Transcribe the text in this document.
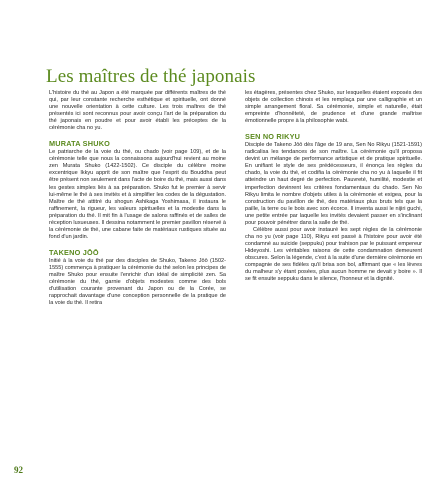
Les maîtres de thé japonais

L'histoire du thé au Japon a été marquée par différents maîtres de thé qui, par leur constante recherche esthétique et spirituelle, ont donné une nouvelle orientation à cette culture. Les trois maîtres de thé présentés ici sont reconnus pour avoir conçu l'art de la préparation du thé japonais en poudre et pour avoir établi les préceptes de la cérémonie cha no yu.

MURATA SHUKO

Le patriarche de la voie du thé, ou chado (voir page 109), et de la cérémonie telle que nous la connaissons aujourd'hui revient au moine zen Murata Shuko (1422-1502). Ce disciple du célèbre moine excentrique Ikkyu apprit de son maître que l'esprit du Bouddha peut être présent non seulement dans l'acte de boire du thé, mais aussi dans les gestes simples liés à sa préparation. Shuko fut le premier à servir lui-même le thé à ses invités et à simplifier les codes de la dégustation. Maître de thé attitré du shogun Ashikaga Yoshimasa, il instaura le raffinement, la rigueur, les valeurs spirituelles et la modestie dans la préparation du thé. Il mit fin à l'usage de salons raffinés et de salles de réception luxueuses. Il dessina notamment le premier pavillon réservé à la cérémonie de thé, une cabane faite de matériaux rustiques située au fond d'un jardin.

TAKENO JŌŌ

Initié à la voie du thé par des disciples de Shuko, Takeno Jōō (1502-1555) commença à pratiquer la cérémonie du thé selon les principes de maître Shuko pour ensuite l'enrichir d'un idéal de simplicité zen. Sa cérémonie du thé, garnie d'objets modestes comme des bols d'utilisation courante provenant du Japon ou de la Corée, se rapprochait davantage d'une conception personnelle de la pratique de la voie du thé. Il retira

les étagères, présentes chez Shuko, sur lesquelles étaient exposés des objets de collection chinois et les remplaça par une calligraphie et un simple arrangement floral. Sa cérémonie, simple et naturelle, était empreinte d'honnêteté, de prudence et d'une grande maîtrise émotionnelle propre à la philosophie wabi.

SEN NO RIKYU

Disciple de Takeno Jōō dès l'âge de 19 ans, Sen No Rikyu (1521-1591) radicalisa les tendances de son maître. La cérémonie qu'il proposa devint un mélange de performance artistique et de pratique spirituelle. En unifiant le style de ses prédécesseurs, il énonça les règles du chado, la voie du thé, et codifia la cérémonie cha no yu à laquelle il fit atteindre un haut degré de perfection. Pauvreté, humilité, modestie et imperfection devinrent les critères fondamentaux du chado. Sen No Rikyu limita le nombre d'objets utiles à la cérémonie et exigea, pour la construction du pavillon de thé, des matériaux plus bruts tels que la paille, la terre ou le bois avec son écorce. Il inventa aussi le nijiri guchi, une petite entrée par laquelle les invités devaient passer en s'inclinant pour pouvoir pénétrer dans la salle de thé.

Célèbre aussi pour avoir instauré les sept règles de la cérémonie cha no yu (voir page 110), Rikyu est passé à l'histoire pour avoir été condamné au suicide (seppuku) pour trahison par le puissant empereur Hideyoshi. Les véritables raisons de cette condamnation demeurent obscures. Selon la légende, c'est à la suite d'une dernière cérémonie en compagnie de ses fidèles qu'il brisa son bol, affirmant que « les lèvres du malheur s'y étant posées, plus aucun homme ne devait y boire ». Il se fit ensuite seppuku dans le silence, l'honneur et la dignité.

92
